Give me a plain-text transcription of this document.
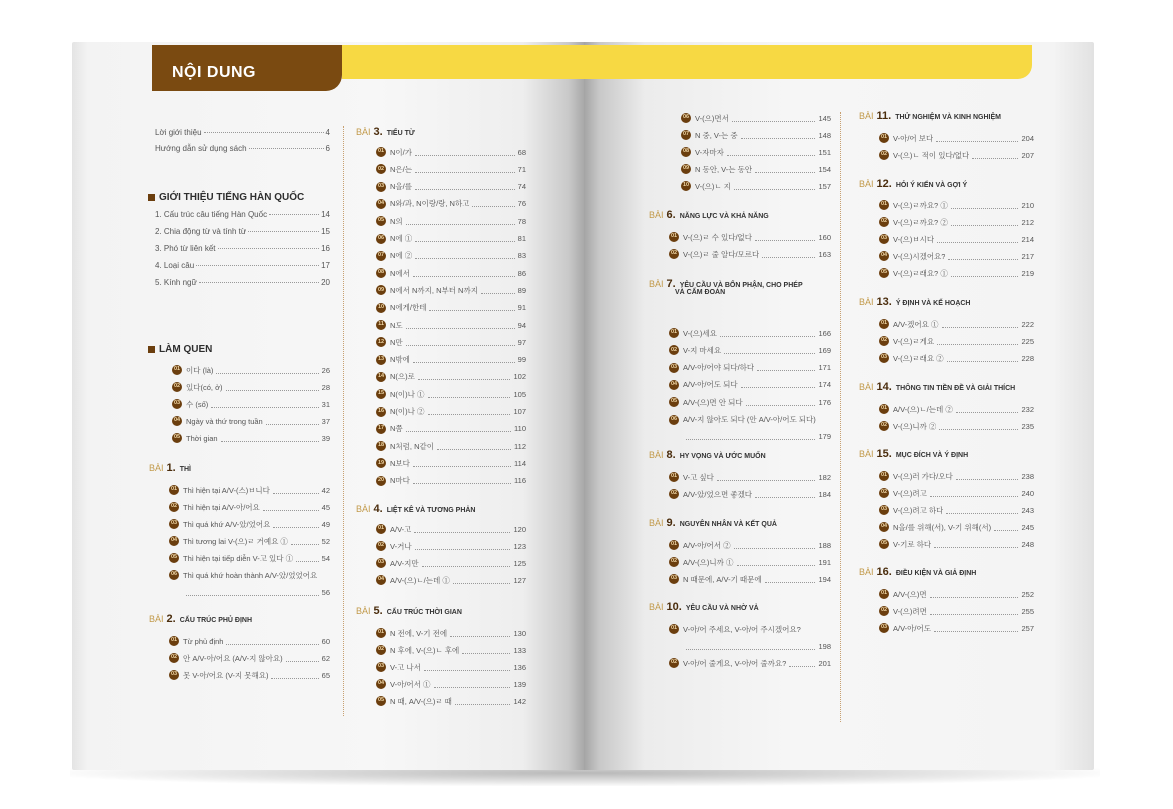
NỘI DUNG
Lời giới thiệu	4
Hướng dẫn sử dụng sách	6
GIỚI THIỆU TIẾNG HÀN QUỐC
1. Cấu trúc câu tiếng Hàn Quốc	14
2. Chia động từ và tính từ	15
3. Phó từ liên kết	16
4. Loại câu	17
5. Kính ngữ	20
LÀM QUEN
01 이다 (là)	26
02 있다(có, ở)	28
03 수 (số)	31
04 Ngày và thứ trong tuần	37
05 Thời gian	39
BÀI 1. THÌ
01 Thì hiện tại A/V-(스)ㅂ니다	42
02 Thì hiện tại A/V-아/어요	45
03 Thì quá khứ A/V-았/었어요	49
04 Thì tương lai V-(으)ㄹ 거예요 ①	52
05 Thì hiện tại tiếp diễn V-고 있다 ①	54
06 Thì quá khứ hoàn thành A/V-았/었었어요
56
BÀI 2. CẤU TRÚC PHỦ ĐỊNH
01 Từ phủ định	60
02 안 A/V-아/어요 (A/V-지 않아요)	62
03 못 V-아/어요 (V-지 못해요)	65
BÀI 3. TIỂU TỪ
01 N이/가	68
02 N은/는	71
03 N을/를	74
04 N와/과, N이랑/랑, N하고	76
05 N의	78
06 N에 ①	81
07 N에 ②	83
08 N에서	86
09 N에서 N까지, N부터 N까지	89
10 N에게/한테	91
11 N도	94
12 N만	97
13 N밖에	99
14 N(으)로	102
15 N(이)나 ①	105
16 N(이)나 ②	107
17 N쯤	110
18 N처럼, N같이	112
19 N보다	114
20 N마다	116
BÀI 4. LIỆT KÊ VÀ TƯƠNG PHẢN
01 A/V-고	120
02 V-거나	123
03 A/V-지만	125
04 A/V-(으)ㄴ/는데 ①	127
BÀI 5. CẤU TRÚC THỜI GIAN
01 N 전에, V-기 전에	130
02 N 후에, V-(으)ㄴ 후에	133
03 V-고 나서	136
04 V-아/어서 ①	139
05 N 때, A/V-(으)ㄹ 때	142
06 V-(으)면서	145
07 N 중, V-는 중	148
08 V-자마자	151
09 N 동안, V-는 동안	154
10 V-(으)ㄴ 지	157
BÀI 6. NĂNG LỰC VÀ KHẢ NĂNG
01 V-(으)ㄹ 수 있다/없다	160
02 V-(으)ㄹ 줄 알다/모르다	163
BÀI 7. YÊU CẦU VÀ BỔN PHẬN, CHO PHÉP
VÀ CẤM ĐOÁN
01 V-(으)세요	166
02 V-지 마세요	169
03 A/V-아/어야 되다/하다	171
04 A/V-아/어도 되다	174
05 A/V-(으)면 안 되다	176
06 A/V-지 않아도 되다 (안 A/V-아/어도 되다)
179
BÀI 8. HY VỌNG VÀ ƯỚC MUỐN
01 V-고 싶다	182
02 A/V-았/었으면 좋겠다	184
BÀI 9. NGUYÊN NHÂN VÀ KẾT QUẢ
01 A/V-아/어서 ②	188
02 A/V-(으)니까 ①	191
03 N 때문에, A/V-기 때문에	194
BÀI 10. YÊU CẦU VÀ NHỜ VẢ
01 V-아/어 주세요, V-아/어 주시겠어요?
198
02 V-아/어 줄게요, V-아/어 줄까요?	201
BÀI 11. THỬ NGHIỆM VÀ KINH NGHIỆM
01 V-아/어 보다	204
02 V-(으)ㄴ 적이 있다/없다	207
BÀI 12. HỎI Ý KIẾN VÀ GỢI Ý
01 V-(으)ㄹ까요? ①	210
02 V-(으)ㄹ까요? ②	212
03 V-(으)ㅂ시다	214
04 V-(으)시겠어요?	217
05 V-(으)ㄹ래요? ①	219
BÀI 13. Ý ĐỊNH VÀ KẾ HOẠCH
01 A/V-겠어요 ①	222
02 V-(으)ㄹ게요	225
03 V-(으)ㄹ래요 ②	228
BÀI 14. THÔNG TIN TIỀN ĐỀ VÀ GIẢI THÍCH
01 A/V-(으)ㄴ/는데 ②	232
02 V-(으)니까 ②	235
BÀI 15. MỤC ĐÍCH VÀ Ý ĐỊNH
01 V-(으)러 가다/오다	238
02 V-(으)려고	240
03 V-(으)려고 하다	243
04 N을/를 위해(서), V-기 위해(서)	245
05 V-기로 하다	248
BÀI 16. ĐIỀU KIỆN VÀ GIẢ ĐỊNH
01 A/V-(으)면	252
02 V-(으)려면	255
03 A/V-아/어도	257
